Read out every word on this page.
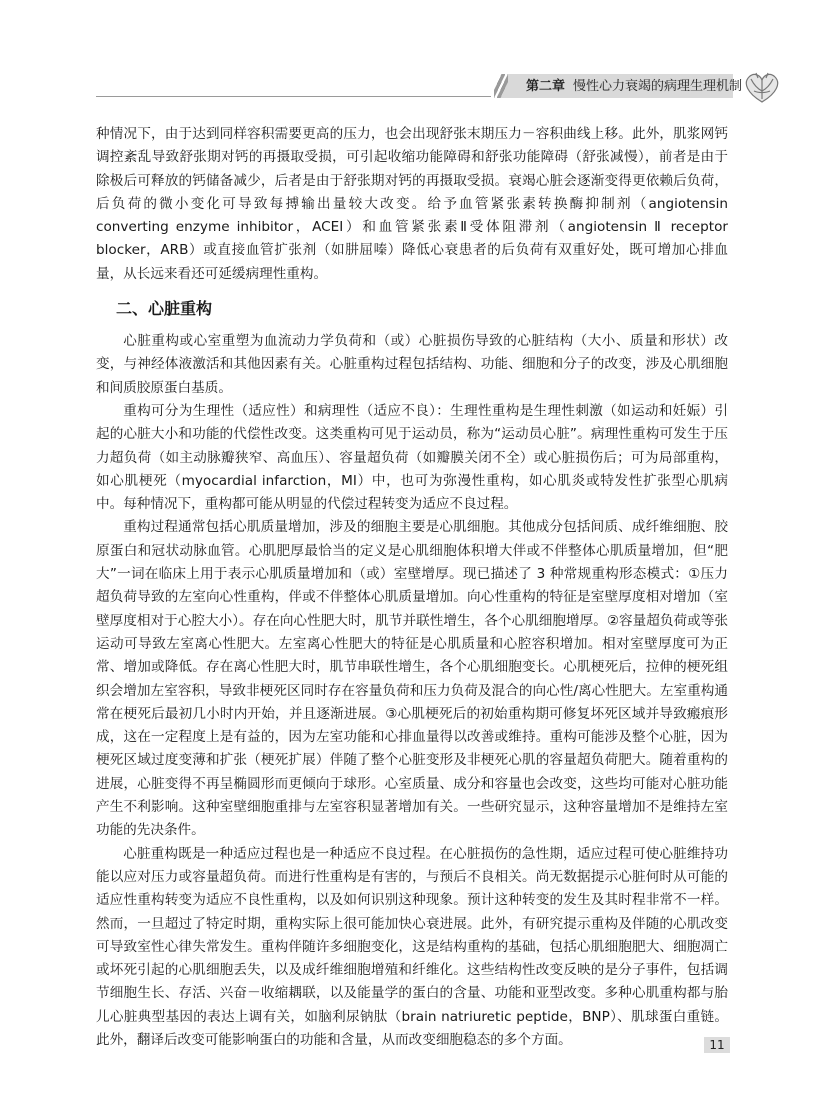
第二章 慢性心力衰竭的病理生理机制

种情况下，由于达到同样容积需要更高的压力，也会出现舒张末期压力－容积曲线上移。此外，肌浆网钙调控紊乱导致舒张期对钙的再摄取受损，可引起收缩功能障碍和舒张功能障碍（舒张减慢），前者是由于除极后可释放的钙储备减少，后者是由于舒张期对钙的再摄取受损。衰竭心脏会逐渐变得更依赖后负荷，后负荷的微小变化可导致每搏输出量较大改变。给予血管紧张素转换酶抑制剂（angiotensin converting enzyme inhibitor，ACEI）和血管紧张素Ⅱ受体阻滞剂（angiotensin Ⅱ receptor blocker，ARB）或直接血管扩张剂（如肼屈嗪）降低心衰患者的后负荷有双重好处，既可增加心排血量，从长远来看还可延缓病理性重构。

二、心脏重构

心脏重构或心室重塑为血流动力学负荷和（或）心脏损伤导致的心脏结构（大小、质量和形状）改变，与神经体液激活和其他因素有关。心脏重构过程包括结构、功能、细胞和分子的改变，涉及心肌细胞和间质胶原蛋白基质。

重构可分为生理性（适应性）和病理性（适应不良）：生理性重构是生理性刺激（如运动和妊娠）引起的心脏大小和功能的代偿性改变。这类重构可见于运动员，称为“运动员心脏”。病理性重构可发生于压力超负荷（如主动脉瓣狭窄、高血压）、容量超负荷（如瓣膜关闭不全）或心脏损伤后；可为局部重构，如心肌梗死（myocardial infarction，MI）中，也可为弥漫性重构，如心肌炎或特发性扩张型心肌病中。每种情况下，重构都可能从明显的代偿过程转变为适应不良过程。

重构过程通常包括心肌质量增加，涉及的细胞主要是心肌细胞。其他成分包括间质、成纤维细胞、胶原蛋白和冠状动脉血管。心肌肥厚最恰当的定义是心肌细胞体积增大伴或不伴整体心肌质量增加，但“肥大”一词在临床上用于表示心肌质量增加和（或）室壁增厚。现已描述了 3 种常规重构形态模式：①压力超负荷导致的左室向心性重构，伴或不伴整体心肌质量增加。向心性重构的特征是室壁厚度相对增加（室壁厚度相对于心腔大小）。存在向心性肥大时，肌节并联性增生，各个心肌细胞增厚。②容量超负荷或等张运动可导致左室离心性肥大。左室离心性肥大的特征是心肌质量和心腔容积增加。相对室壁厚度可为正常、增加或降低。存在离心性肥大时，肌节串联性增生，各个心肌细胞变长。心肌梗死后，拉伸的梗死组织会增加左室容积，导致非梗死区同时存在容量负荷和压力负荷及混合的向心性/离心性肥大。左室重构通常在梗死后最初几小时内开始，并且逐渐进展。③心肌梗死后的初始重构期可修复坏死区域并导致瘢痕形成，这在一定程度上是有益的，因为左室功能和心排血量得以改善或维持。重构可能涉及整个心脏，因为梗死区域过度变薄和扩张（梗死扩展）伴随了整个心脏变形及非梗死心肌的容量超负荷肥大。随着重构的进展，心脏变得不再呈椭圆形而更倾向于球形。心室质量、成分和容量也会改变，这些均可能对心脏功能产生不利影响。这种室壁细胞重排与左室容积显著增加有关。一些研究显示，这种容量增加不是维持左室功能的先决条件。

心脏重构既是一种适应过程也是一种适应不良过程。在心脏损伤的急性期，适应过程可使心脏维持功能以应对压力或容量超负荷。而进行性重构是有害的，与预后不良相关。尚无数据提示心脏何时从可能的适应性重构转变为适应不良性重构，以及如何识别这种现象。预计这种转变的发生及其时程非常不一样。然而，一旦超过了特定时期，重构实际上很可能加快心衰进展。此外，有研究提示重构及伴随的心肌改变可导致室性心律失常发生。重构伴随许多细胞变化，这是结构重构的基础，包括心肌细胞肥大、细胞凋亡或坏死引起的心肌细胞丢失，以及成纤维细胞增殖和纤维化。这些结构性改变反映的是分子事件，包括调节细胞生长、存活、兴奋－收缩耦联，以及能量学的蛋白的含量、功能和亚型改变。多种心肌重构都与胎儿心脏典型基因的表达上调有关，如脑利尿钠肽（brain natriuretic peptide，BNP）、肌球蛋白重链。此外，翻译后改变可能影响蛋白的功能和含量，从而改变细胞稳态的多个方面。	11
